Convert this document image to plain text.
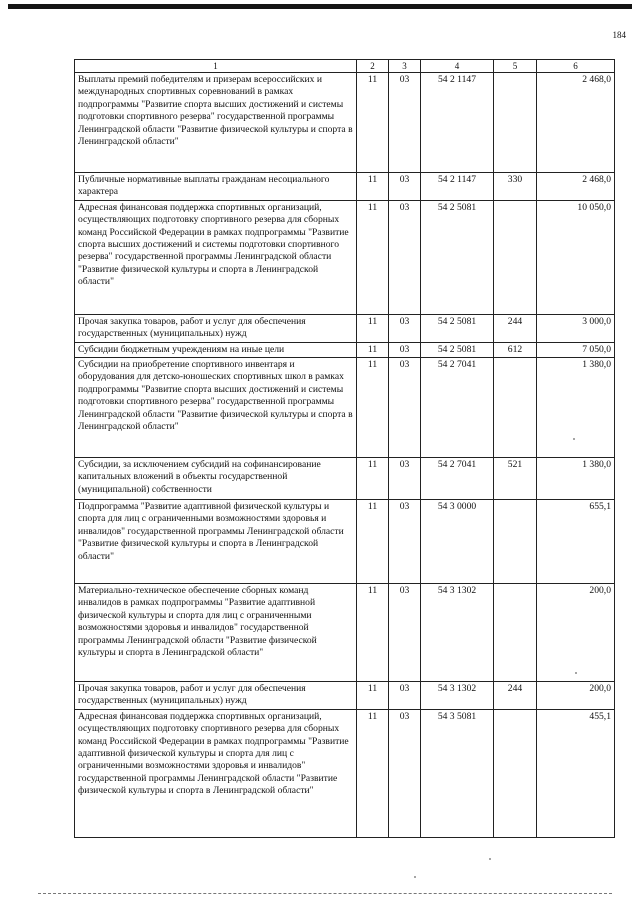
184
1	2	3	4	5	6
Выплаты премий победителям и призерам всероссийских и международных спортивных соревнований в рамках подпрограммы "Развитие спорта высших достижений и системы подготовки спортивного резерва" государственной программы Ленинградской области "Развитие физической культуры и спорта в Ленинградской области"	11	03	54 2 1147		2 468,0
Публичные нормативные выплаты гражданам несоциального характера	11	03	54 2 1147	330	2 468,0
Адресная финансовая поддержка спортивных организаций, осуществляющих подготовку спортивного резерва для сборных команд Российской Федерации в рамках подпрограммы "Развитие спорта высших достижений и системы подготовки спортивного резерва" государственной программы Ленинградской области "Развитие физической культуры и спорта в Ленинградской области"	11	03	54 2 5081		10 050,0
Прочая закупка товаров, работ и услуг для обеспечения государственных (муниципальных) нужд	11	03	54 2 5081	244	3 000,0
Субсидии бюджетным учреждениям на иные цели	11	03	54 2 5081	612	7 050,0
Субсидии на приобретение спортивного инвентаря и оборудования для детско-юношеских спортивных школ в рамках подпрограммы "Развитие спорта высших достижений и системы подготовки спортивного резерва" государственной программы Ленинградской области "Развитие физической культуры и спорта в Ленинградской области"	11	03	54 2 7041		1 380,0
Субсидии, за исключением субсидий на софинансирование капитальных вложений в объекты государственной (муниципальной) собственности	11	03	54 2 7041	521	1 380,0
Подпрограмма "Развитие адаптивной физической культуры и спорта для лиц с ограниченными возможностями здоровья и инвалидов" государственной программы Ленинградской области "Развитие физической культуры и спорта в Ленинградской области"	11	03	54 3 0000		655,1
Материально-техническое обеспечение сборных команд инвалидов в рамках подпрограммы "Развитие адаптивной физической культуры и спорта для лиц с ограниченными возможностями здоровья и инвалидов" государственной программы Ленинградской области "Развитие физической культуры и спорта в Ленинградской области"	11	03	54 3 1302		200,0
Прочая закупка товаров, работ и услуг для обеспечения государственных (муниципальных) нужд	11	03	54 3 1302	244	200,0
Адресная финансовая поддержка спортивных организаций, осуществляющих подготовку спортивного резерва для сборных команд Российской Федерации в рамках подпрограммы "Развитие адаптивной физической культуры и спорта для лиц с ограниченными возможностями здоровья и инвалидов" государственной программы Ленинградской области "Развитие физической культуры и спорта в Ленинградской области"	11	03	54 3 5081		455,1
